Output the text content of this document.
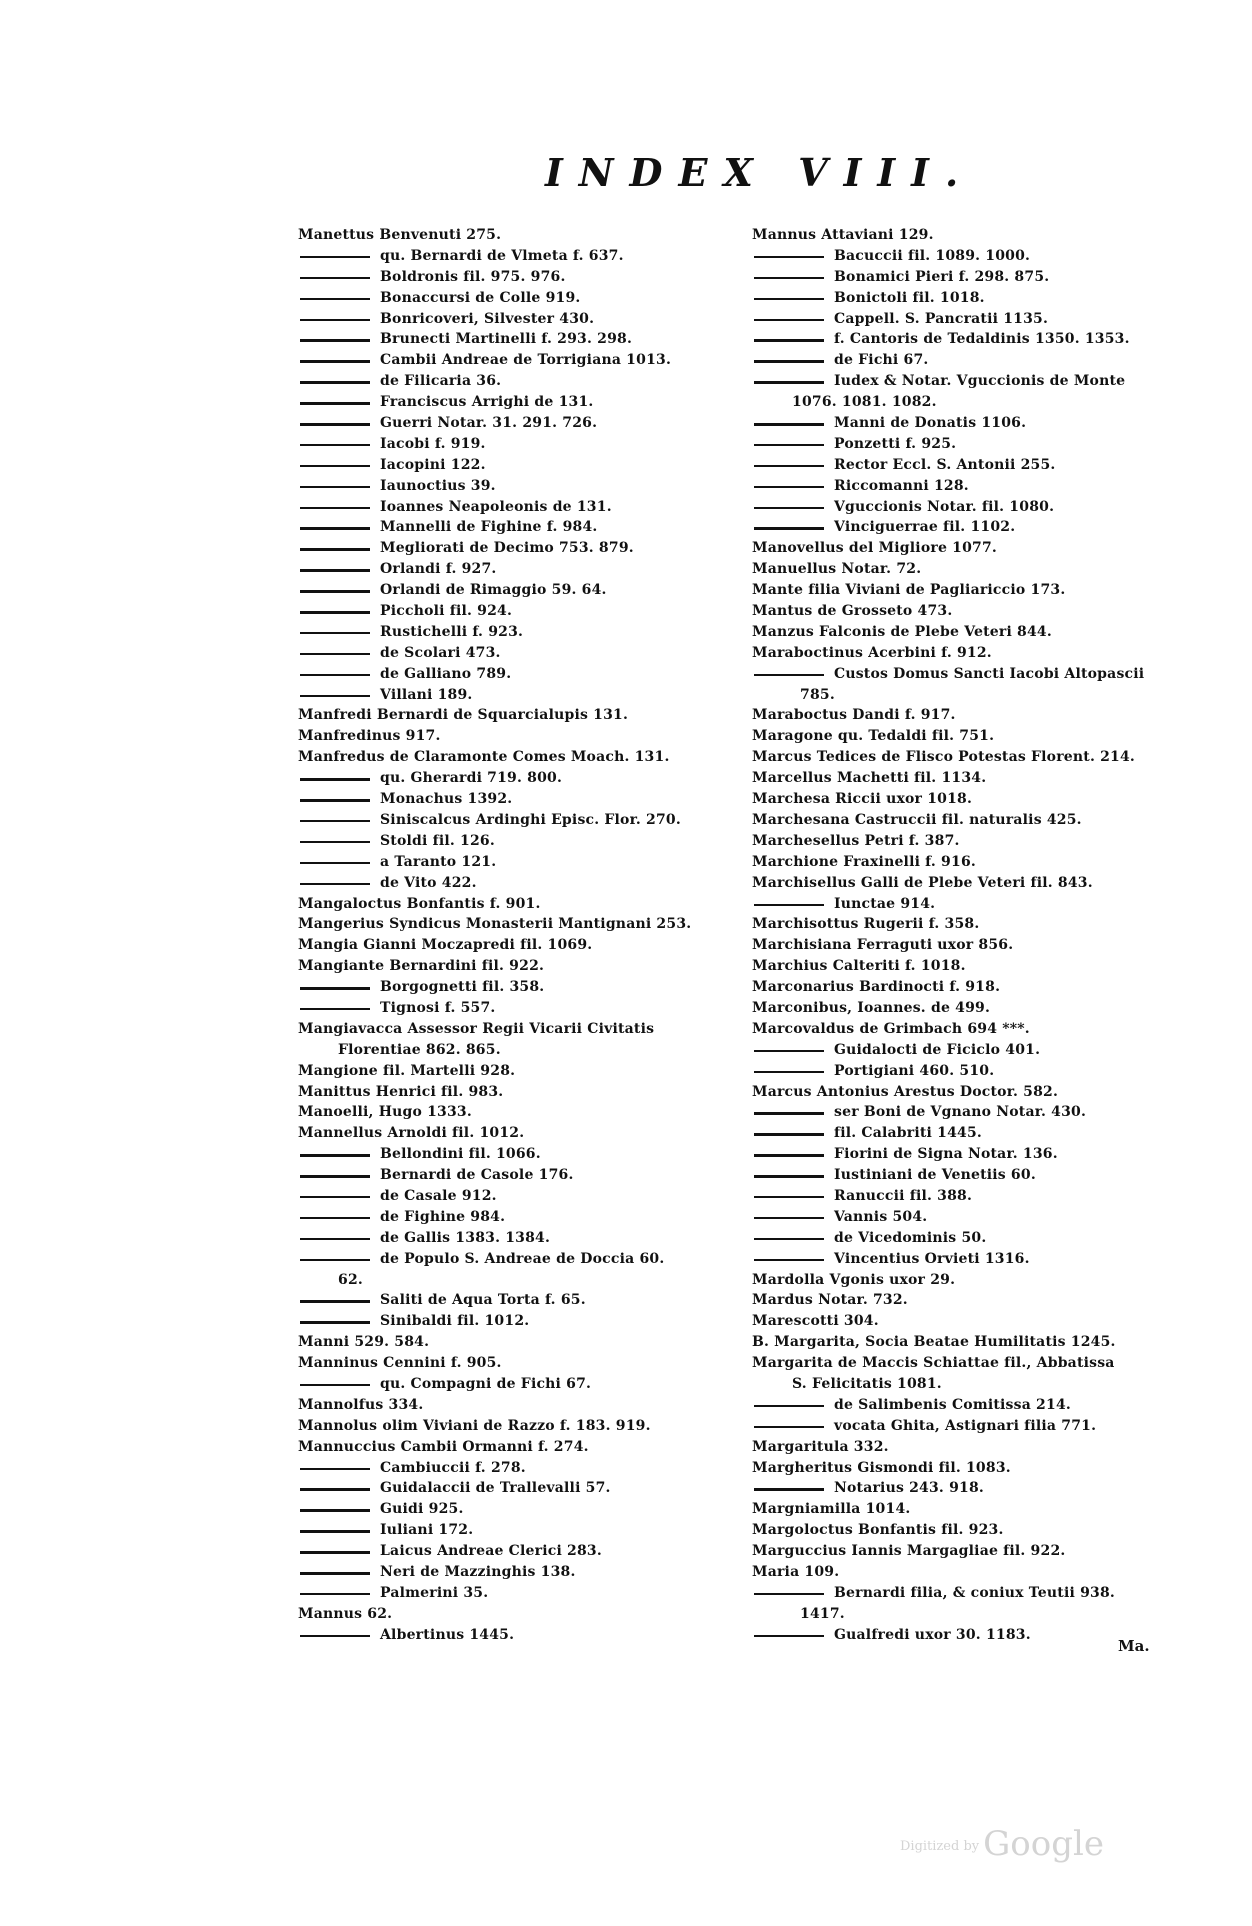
INDEX VIII.
Manettus Benvenuti 275.
qu. Bernardi de Vlmeta f. 637.
Boldronis fil. 975. 976.
Bonaccursi de Colle 919.
Bonricoveri, Silvester 430.
Brunecti Martinelli f. 293. 298.
Cambii Andreae de Torrigiana 1013.
de Filicaria 36.
Franciscus Arrighi de 131.
Guerri Notar. 31. 291. 726.
Iacobi f. 919.
Iacopini 122.
Iaunoctius 39.
Ioannes Neapoleonis de 131.
Mannelli de Fighine f. 984.
Megliorati de Decimo 753. 879.
Orlandi f. 927.
Orlandi de Rimaggio 59. 64.
Piccholi fil. 924.
Rustichelli f. 923.
de Scolari 473.
de Galliano 789.
Villani 189.
Manfredi Bernardi de Squarcialupis 131.
Manfredinus 917.
Manfredus de Claramonte Comes Moach. 131.
qu. Gherardi 719. 800.
Monachus 1392.
Siniscalcus Ardinghi Episc. Flor. 270.
Stoldi fil. 126.
a Taranto 121.
de Vito 422.
Mangaloctus Bonfantis f. 901.
Mangerius Syndicus Monasterii Mantignani 253.
Mangia Gianni Moczapredi fil. 1069.
Mangiante Bernardini fil. 922.
Borgognetti fil. 358.
Tignosi f. 557.
Mangiavacca Assessor Regii Vicarii Civitatis
Florentiae 862. 865.
Mangione fil. Martelli 928.
Manittus Henrici fil. 983.
Manoelli, Hugo 1333.
Mannellus Arnoldi fil. 1012.
Bellondini fil. 1066.
Bernardi de Casole 176.
de Casale 912.
de Fighine 984.
de Gallis 1383. 1384.
de Populo S. Andreae de Doccia 60.
62.
Saliti de Aqua Torta f. 65.
Sinibaldi fil. 1012.
Manni 529. 584.
Manninus Cennini f. 905.
qu. Compagni de Fichi 67.
Mannolfus 334.
Mannolus olim Viviani de Razzo f. 183. 919.
Mannuccius Cambii Ormanni f. 274.
Cambiuccii f. 278.
Guidalaccii de Trallevalli 57.
Guidi 925.
Iuliani 172.
Laicus Andreae Clerici 283.
Neri de Mazzinghis 138.
Palmerini 35.
Mannus 62.
Albertinus 1445.
Mannus Attaviani 129.
Bacuccii fil. 1089. 1000.
Bonamici Pieri f. 298. 875.
Bonictoli fil. 1018.
Cappell. S. Pancratii 1135.
f. Cantoris de Tedaldinis 1350. 1353.
de Fichi 67.
Iudex & Notar. Vguccionis de Monte
1076. 1081. 1082.
Manni de Donatis 1106.
Ponzetti f. 925.
Rector Eccl. S. Antonii 255.
Riccomanni 128.
Vguccionis Notar. fil. 1080.
Vinciguerrae fil. 1102.
Manovellus del Migliore 1077.
Manuellus Notar. 72.
Mante filia Viviani de Pagliariccio 173.
Mantus de Grosseto 473.
Manzus Falconis de Plebe Veteri 844.
Maraboctinus Acerbini f. 912.
Custos Domus Sancti Iacobi Altopascii
785.
Maraboctus Dandi f. 917.
Maragone qu. Tedaldi fil. 751.
Marcus Tedices de Flisco Potestas Florent. 214.
Marcellus Machetti fil. 1134.
Marchesa Riccii uxor 1018.
Marchesana Castruccii fil. naturalis 425.
Marchesellus Petri f. 387.
Marchione Fraxinelli f. 916.
Marchisellus Galli de Plebe Veteri fil. 843.
Iunctae 914.
Marchisottus Rugerii f. 358.
Marchisiana Ferraguti uxor 856.
Marchius Calteriti f. 1018.
Marconarius Bardinocti f. 918.
Marconibus, Ioannes. de 499.
Marcovaldus de Grimbach 694 ***.
Guidalocti de Ficiclo 401.
Portigiani 460. 510.
Marcus Antonius Arestus Doctor. 582.
ser Boni de Vgnano Notar. 430.
fil. Calabriti 1445.
Fiorini de Signa Notar. 136.
Iustiniani de Venetiis 60.
Ranuccii fil. 388.
Vannis 504.
de Vicedominis 50.
Vincentius Orvieti 1316.
Mardolla Vgonis uxor 29.
Mardus Notar. 732.
Marescotti 304.
B. Margarita, Socia Beatae Humilitatis 1245.
Margarita de Maccis Schiattae fil., Abbatissa
S. Felicitatis 1081.
de Salimbenis Comitissa 214.
vocata Ghita, Astignari filia 771.
Margaritula 332.
Margheritus Gismondi fil. 1083.
Notarius 243. 918.
Margniamilla 1014.
Margoloctus Bonfantis fil. 923.
Marguccius Iannis Margagliae fil. 922.
Maria 109.
Bernardi filia, & coniux Teutii 938.
1417.
Gualfredi uxor 30. 1183.
Ma.
Digitized by Google
